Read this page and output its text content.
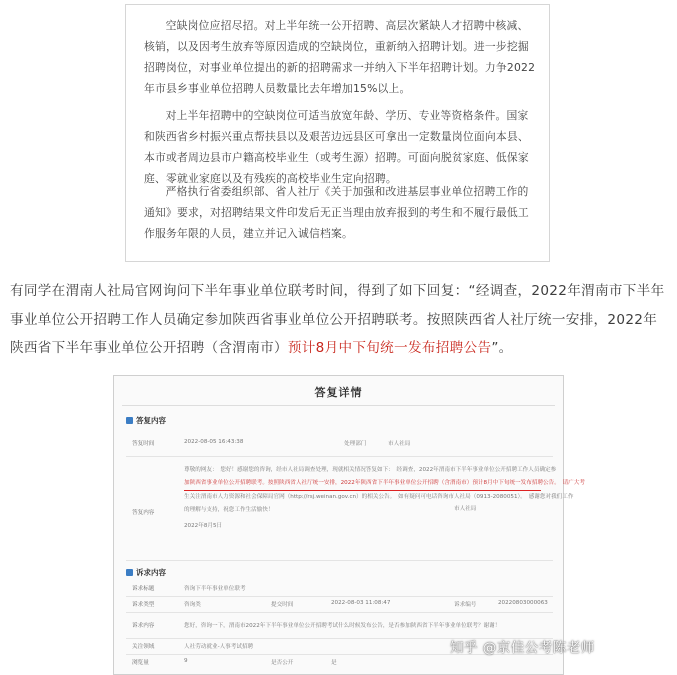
空缺岗位应招尽招。对上半年统一公开招聘、高层次紧缺人才招聘中核减、核销，以及因考生放弃等原因造成的空缺岗位，重新纳入招聘计划。进一步挖掘招聘岗位，对事业单位提出的新的招聘需求一并纳入下半年招聘计划。力争2022年市县乡事业单位招聘人员数量比去年增加15%以上。

对上半年招聘中的空缺岗位可适当放宽年龄、学历、专业等资格条件。国家和陕西省乡村振兴重点帮扶县以及艰苦边远县区可拿出一定数量岗位面向本县、本市或者周边县市户籍高校毕业生（或考生源）招聘。可面向脱贫家庭、低保家庭、零就业家庭以及有残疾的高校毕业生定向招聘。

严格执行省委组织部、省人社厅《关于加强和改进基层事业单位招聘工作的通知》要求，对招聘结果文件印发后无正当理由放弃报到的考生和不履行最低工作服务年限的人员，建立并记入诚信档案。

有同学在渭南人社局官网询问下半年事业单位联考时间，得到了如下回复：“经调查，2022年渭南市下半年事业单位公开招聘工作人员确定参加陕西省事业单位公开招聘联考。按照陕西省人社厅统一安排，2022年陕西省下半年事业单位公开招聘（含渭南市）预计8月中下旬统一发布招聘公告”。

答复详情
答复内容
答复时间	2022-08-05 16:43:38	处理部门	市人社局
答复内容
尊敬的网友：　您好！感谢您的咨询，经市人社局调查处理，现就相关情况答复如下：　经调查，2022年渭南市下半年事业单位公开招聘工作人员确定参
加陕西省事业单位公开招聘联考。按照陕西省人社厅统一安排，2022年陕西省下半年事业单位公开招聘（含渭南市）预计8月中下旬统一发布招聘公告。　请广大考
生关注渭南市人力资源和社会保障局官网（http://rsj.weinan.gov.cn）的相关公告。　如有疑问可电话咨询市人社局（0913-2080051）。　感谢您对我们工作
的理解与支持，祝您工作生活愉快！	市人社局
2022年8月5日
诉求内容
诉求标题	咨询下半年事业单位联考
诉求类型	咨询类	提交时间	2022-08-03 11:08:47	诉求编号	20220803000063
诉求内容	您好，咨询一下，渭南市2022年下半年事业单位公开招聘考试什么时候发布公告，是否参加陕西省下半年事业单位联考？谢谢！
关注领域	人社劳动就业-人事考试招聘
浏览量	9	是否公开	是
知乎 @京佳公考陈老师
